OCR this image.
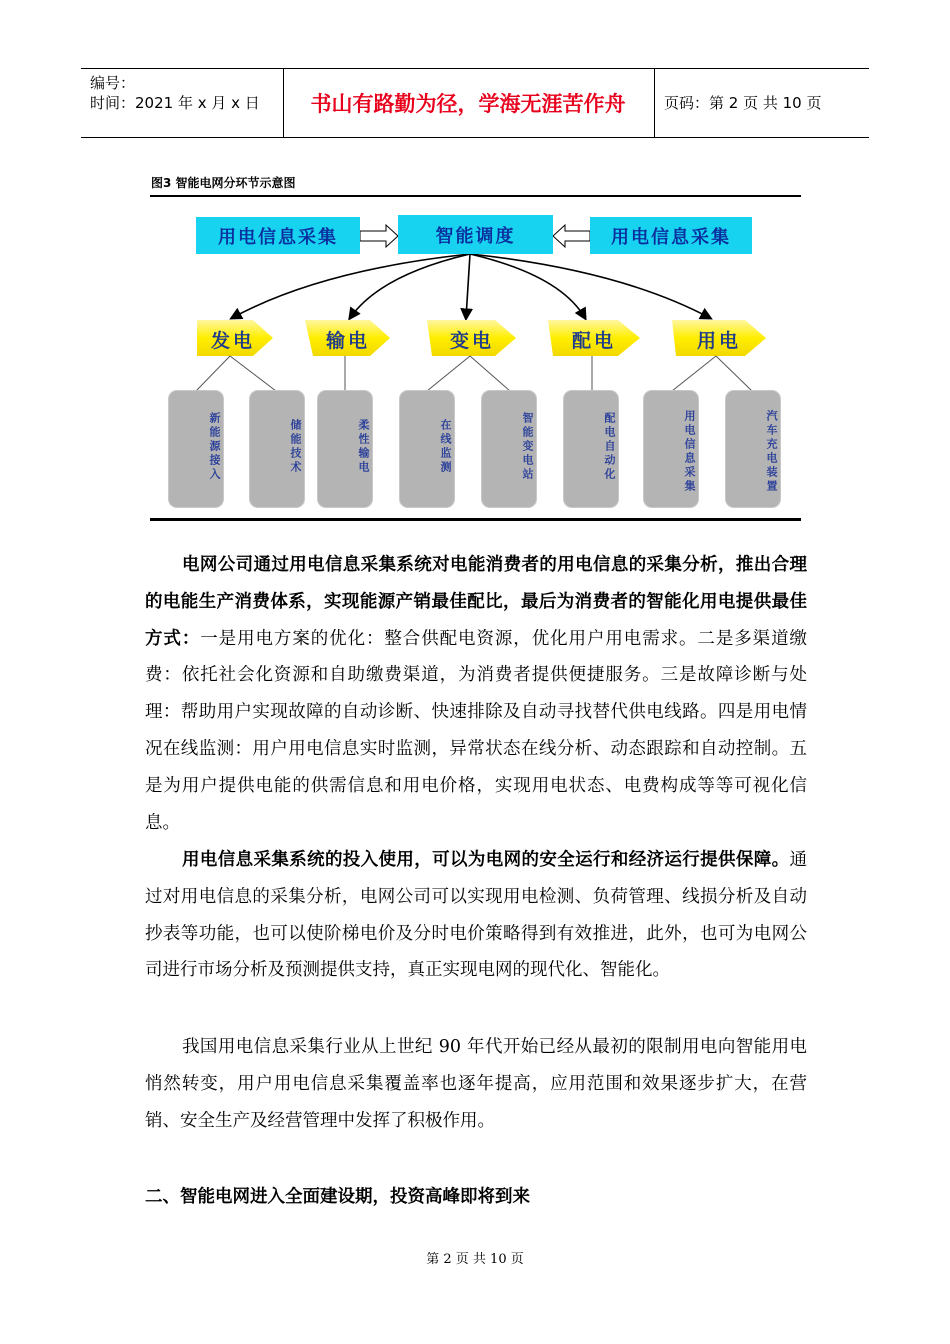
编号：
时间：2021 年 x 月 x 日	书山有路勤为径，学海无涯苦作舟	页码：第 2 页 共 10 页
图3 智能电网分环节示意图
用电信息采集	智能调度	用电信息采集
发电	输电	变电	配电	用电
新能源接入	储能技术	柔性输电	在线监测	智能变电站	配电自动化	用电信息采集	汽车充电装置
电网公司通过用电信息采集系统对电能消费者的用电信息的采集分析，推出合理的电能生产消费体系，实现能源产销最佳配比，最后为消费者的智能化用电提供最佳方式：一是用电方案的优化：整合供配电资源，优化用户用电需求。二是多渠道缴费：依托社会化资源和自助缴费渠道，为消费者提供便捷服务。三是故障诊断与处理：帮助用户实现故障的自动诊断、快速排除及自动寻找替代供电线路。四是用电情况在线监测：用户用电信息实时监测，异常状态在线分析、动态跟踪和自动控制。五是为用户提供电能的供需信息和用电价格，实现用电状态、电费构成等等可视化信息。
用电信息采集系统的投入使用，可以为电网的安全运行和经济运行提供保障。通过对用电信息的采集分析，电网公司可以实现用电检测、负荷管理、线损分析及自动抄表等功能，也可以使阶梯电价及分时电价策略得到有效推进，此外，也可为电网公司进行市场分析及预测提供支持，真正实现电网的现代化、智能化。
我国用电信息采集行业从上世纪 90 年代开始已经从最初的限制用电向智能用电悄然转变，用户用电信息采集覆盖率也逐年提高，应用范围和效果逐步扩大，在营销、安全生产及经营管理中发挥了积极作用。
二、智能电网进入全面建设期，投资高峰即将到来
第 2 页 共 10 页
